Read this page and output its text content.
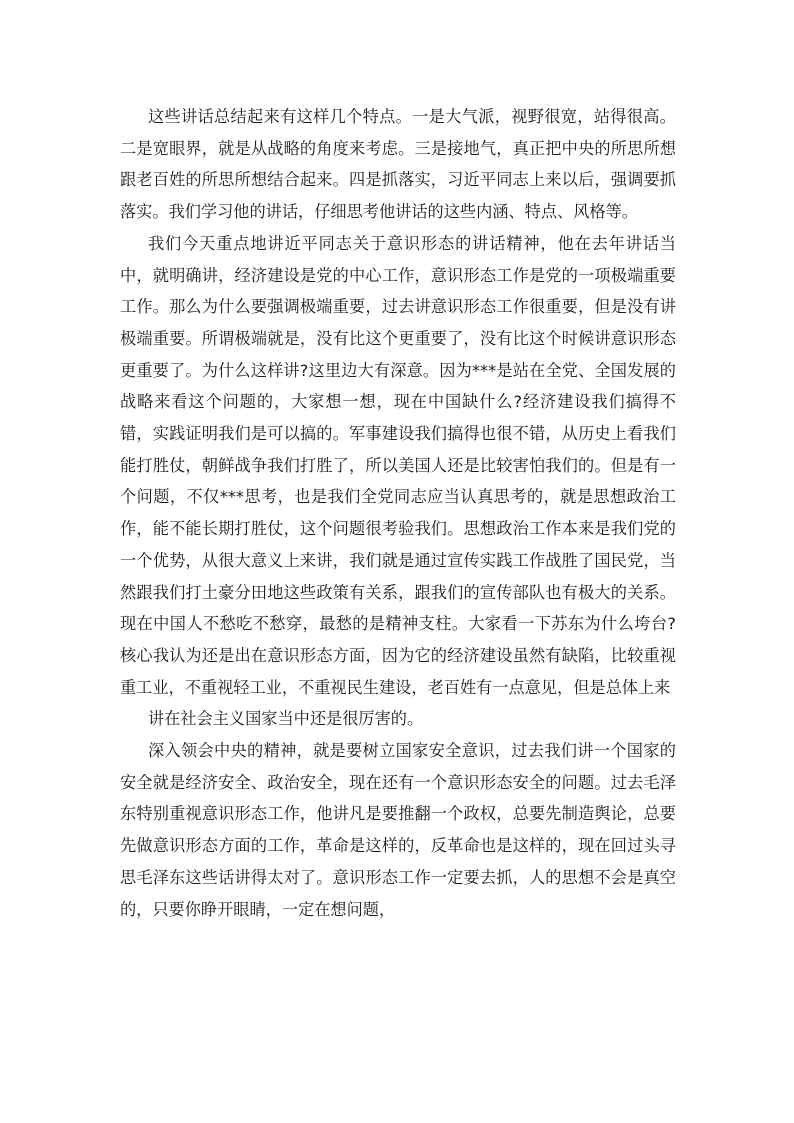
这些讲话总结起来有这样几个特点。一是大气派，视野很宽，站得很高。二是宽眼界，就是从战略的角度来考虑。三是接地气，真正把中央的所思所想跟老百姓的所思所想结合起来。四是抓落实，习近平同志上来以后，强调要抓落实。我们学习他的讲话，仔细思考他讲话的这些内涵、特点、风格等。

我们今天重点地讲近平同志关于意识形态的讲话精神，他在去年讲话当中，就明确讲，经济建设是党的中心工作，意识形态工作是党的一项极端重要工作。那么为什么要强调极端重要，过去讲意识形态工作很重要，但是没有讲极端重要。所谓极端就是，没有比这个更重要了，没有比这个时候讲意识形态更重要了。为什么这样讲?这里边大有深意。因为***是站在全党、全国发展的战略来看这个问题的，大家想一想，现在中国缺什么?经济建设我们搞得不错，实践证明我们是可以搞的。军事建设我们搞得也很不错，从历史上看我们能打胜仗，朝鲜战争我们打胜了，所以美国人还是比较害怕我们的。但是有一个问题，不仅***思考，也是我们全党同志应当认真思考的，就是思想政治工作，能不能长期打胜仗，这个问题很考验我们。思想政治工作本来是我们党的一个优势，从很大意义上来讲，我们就是通过宣传实践工作战胜了国民党，当然跟我们打土豪分田地这些政策有关系，跟我们的宣传部队也有极大的关系。现在中国人不愁吃不愁穿，最愁的是精神支柱。大家看一下苏东为什么垮台?核心我认为还是出在意识形态方面，因为它的经济建设虽然有缺陷，比较重视重工业，不重视轻工业，不重视民生建设，老百姓有一点意见，但是总体上来

讲在社会主义国家当中还是很厉害的。

深入领会中央的精神，就是要树立国家安全意识，过去我们讲一个国家的安全就是经济安全、政治安全，现在还有一个意识形态安全的问题。过去毛泽东特别重视意识形态工作，他讲凡是要推翻一个政权，总要先制造舆论，总要先做意识形态方面的工作，革命是这样的，反革命也是这样的，现在回过头寻思毛泽东这些话讲得太对了。意识形态工作一定要去抓，人的思想不会是真空的，只要你睁开眼睛，一定在想问题，
